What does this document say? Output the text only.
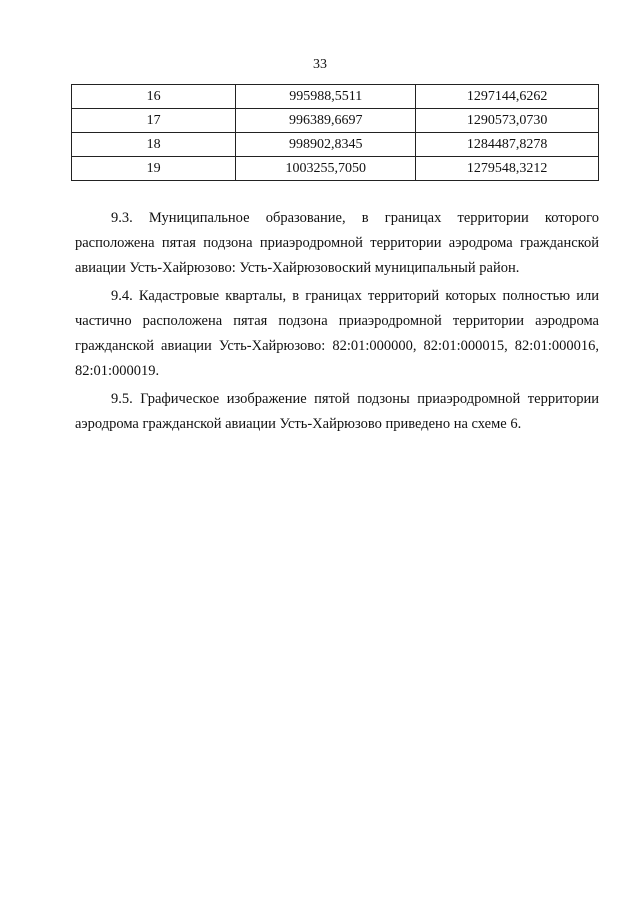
33
16	995988,5511	1297144,6262
17	996389,6697	1290573,0730
18	998902,8345	1284487,8278
19	1003255,7050	1279548,3212

9.3. Муниципальное образование, в границах территории которого расположена пятая подзона приаэродромной территории аэродрома гражданской авиации Усть-Хайрюзово: Усть-Хайрюзовоский муниципальный район.

9.4. Кадастровые кварталы, в границах территорий которых полностью или частично расположена пятая подзона приаэродромной территории аэродрома гражданской авиации Усть-Хайрюзово: 82:01:000000, 82:01:000015, 82:01:000016, 82:01:000019.

9.5. Графическое изображение пятой подзоны приаэродромной территории аэродрома гражданской авиации Усть-Хайрюзово приведено на схеме 6.
